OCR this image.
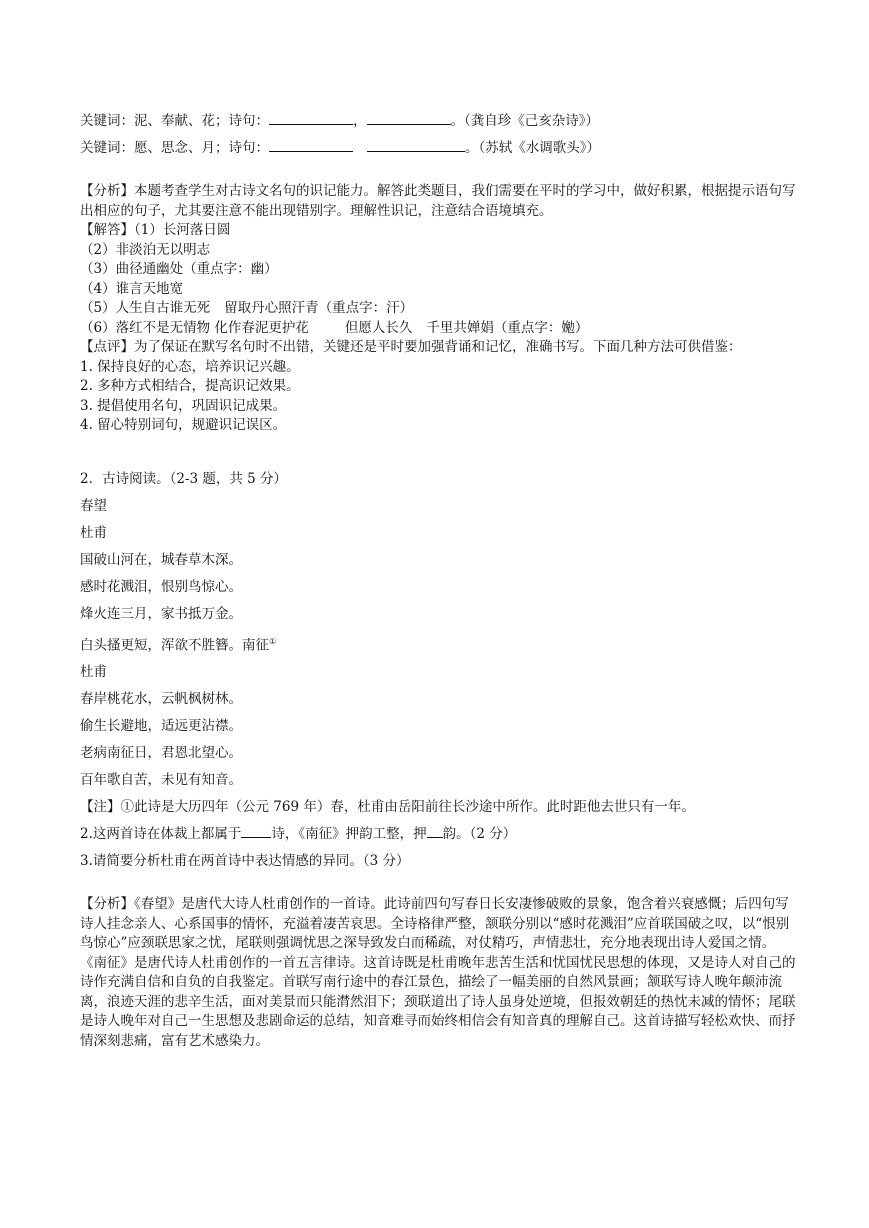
关键词：泥、奉献、花；诗句：	，	。（龚自珍《己亥杂诗》）
关键词：愿、思念、月；诗句：	。（苏轼《水调歌头》）
【分析】本题考查学生对古诗文名句的识记能力。解答此类题目，我们需要在平时的学习中，做好积累，根据提示语句写出相应的句子，尤其要注意不能出现错别字。理解性识记，注意结合语境填充。
【解答】（1）长河落日圆
（2）非淡泊无以明志
（3）曲径通幽处（重点字：幽）
（4）谁言天地宽
（5）人生自古谁无死 留取丹心照汗青（重点字：汗）
（6）落红不是无情物 化作春泥更护花	但愿人长久 千里共婵娟（重点字：㛯）
【点评】为了保证在默写名句时不出错，关键还是平时要加强背诵和记忆，准确书写。下面几种方法可供借鉴：
1. 保持良好的心态，培养识记兴趣。
2. 多种方式相结合，提高识记效果。
3. 提倡使用名句，巩固识记成果。
4. 留心特别词句，规避识记误区。
2．古诗阅读。（2-3 题，共 5 分）
春望
杜甫
国破山河在，城春草木深。
感时花溅泪，恨别鸟惊心。
烽火连三月，家书抵万金。
白头搔更短，浑欲不胜簪。南征①
杜甫
春岸桃花水，云帆枫树林。
偷生长避地，适远更沾襟。
老病南征日，君恩北望心。
百年歌自苦，未见有知音。
【注】①此诗是大历四年（公元 769 年）春，杜甫由岳阳前往长沙途中所作。此时距他去世只有一年。
2.这两首诗在体裁上都属于 诗，《南征》押韵工整，押 韵。（2 分）
3.请简要分析杜甫在两首诗中表达情感的异同。（3 分）
【分析】《春望》是唐代大诗人杜甫创作的一首诗。此诗前四句写春日长安凄惨破败的景象，饱含着兴衰感慨；后四句写诗人挂念亲人、心系国事的情怀，充溢着凄苦哀思。全诗格律严整，颔联分别以“感时花溅泪”应首联国破之叹，以“恨别鸟惊心”应颈联思家之忧，尾联则强调忧思之深导致发白而稀疏，对仗精巧，声情悲壮，充分地表现出诗人爱国之情。
《南征》是唐代诗人杜甫创作的一首五言律诗。这首诗既是杜甫晚年悲苦生活和忧国忧民思想的体现，又是诗人对自己的诗作充满自信和自负的自我鉴定。首联写南行途中的春江景色，描绘了一幅美丽的自然风景画；颔联写诗人晚年颠沛流离，浪迹天涯的悲辛生活，面对美景而只能潸然泪下；颈联道出了诗人虽身处逆境，但报效朝廷的热忱未减的情怀；尾联是诗人晚年对自己一生思想及悲剧命运的总结，知音难寻而始终相信会有知音真的理解自己。这首诗描写轻松欢快、而抒情深刻悲痛，富有艺术感染力。
